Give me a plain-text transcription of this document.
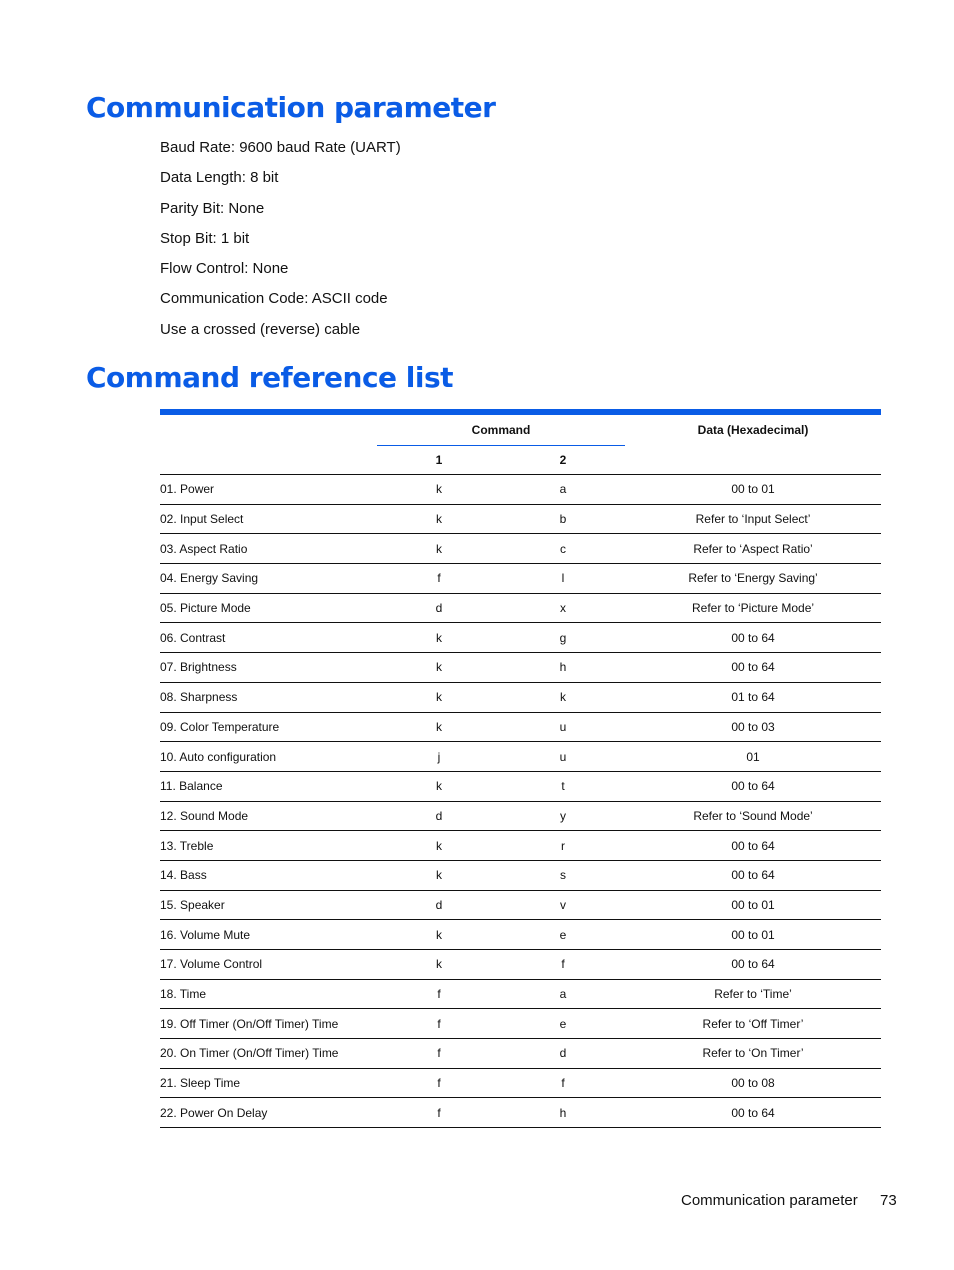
Communication parameter
Baud Rate: 9600 baud Rate (UART)
Data Length: 8 bit
Parity Bit: None
Stop Bit: 1 bit
Flow Control: None
Communication Code: ASCII code
Use a crossed (reverse) cable
Command reference list
	Command		Data (Hexadecimal)
	1	2	
01. Power	k	a	00 to 01
02. Input Select	k	b	Refer to ‘Input Select’
03. Aspect Ratio	k	c	Refer to ‘Aspect Ratio’
04. Energy Saving	f	l	Refer to ‘Energy Saving’
05. Picture Mode	d	x	Refer to ‘Picture Mode’
06. Contrast	k	g	00 to 64
07. Brightness	k	h	00 to 64
08. Sharpness	k	k	01 to 64
09. Color Temperature	k	u	00 to 03
10. Auto configuration	j	u	01
11. Balance	k	t	00 to 64
12. Sound Mode	d	y	Refer to ‘Sound Mode’
13. Treble	k	r	00 to 64
14. Bass	k	s	00 to 64
15. Speaker	d	v	00 to 01
16. Volume Mute	k	e	00 to 01
17. Volume Control	k	f	00 to 64
18. Time	f	a	Refer to ‘Time’
19. Off Timer (On/Off Timer) Time	f	e	Refer to ‘Off Timer’
20. On Timer (On/Off Timer) Time	f	d	Refer to ‘On Timer’
21. Sleep Time	f	f	00 to 08
22. Power On Delay	f	h	00 to 64
Communication parameter 73
